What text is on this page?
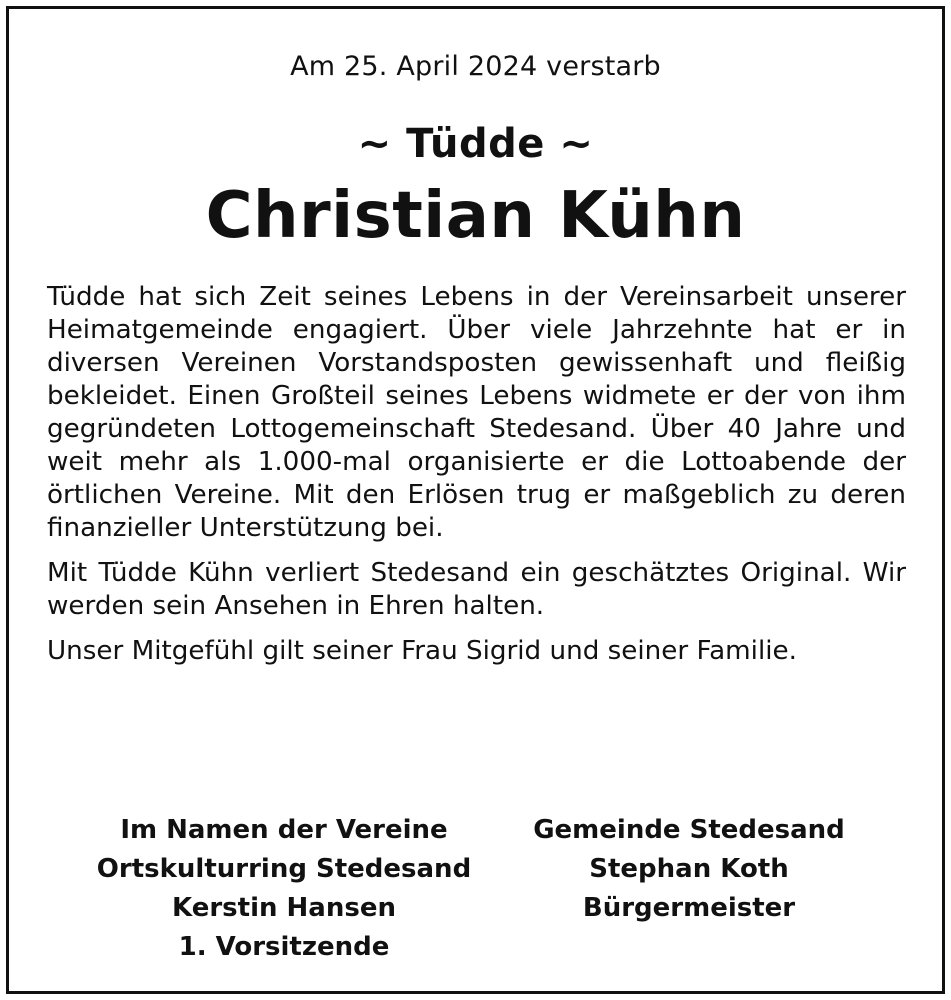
Am 25. April 2024 verstarb
~ Tüdde ~
Christian Kühn

Tüdde hat sich Zeit seines Lebens in der Vereinsarbeit unserer Heimatgemeinde engagiert. Über viele Jahrzehnte hat er in diversen Vereinen Vorstandsposten gewissenhaft und fleißig bekleidet. Einen Großteil seines Lebens widmete er der von ihm gegründeten Lottogemeinschaft Stedesand. Über 40 Jahre und weit mehr als 1.000-mal organisierte er die Lottoabende der örtlichen Vereine. Mit den Erlösen trug er maßgeblich zu deren finanzieller Unterstützung bei.

Mit Tüdde Kühn verliert Stedesand ein geschätztes Original. Wir werden sein Ansehen in Ehren halten.

Unser Mitgefühl gilt seiner Frau Sigrid und seiner Familie.

Im Namen der Vereine
Ortskulturring Stedesand
Kerstin Hansen
1. Vorsitzende
Gemeinde Stedesand
Stephan Koth
Bürgermeister
